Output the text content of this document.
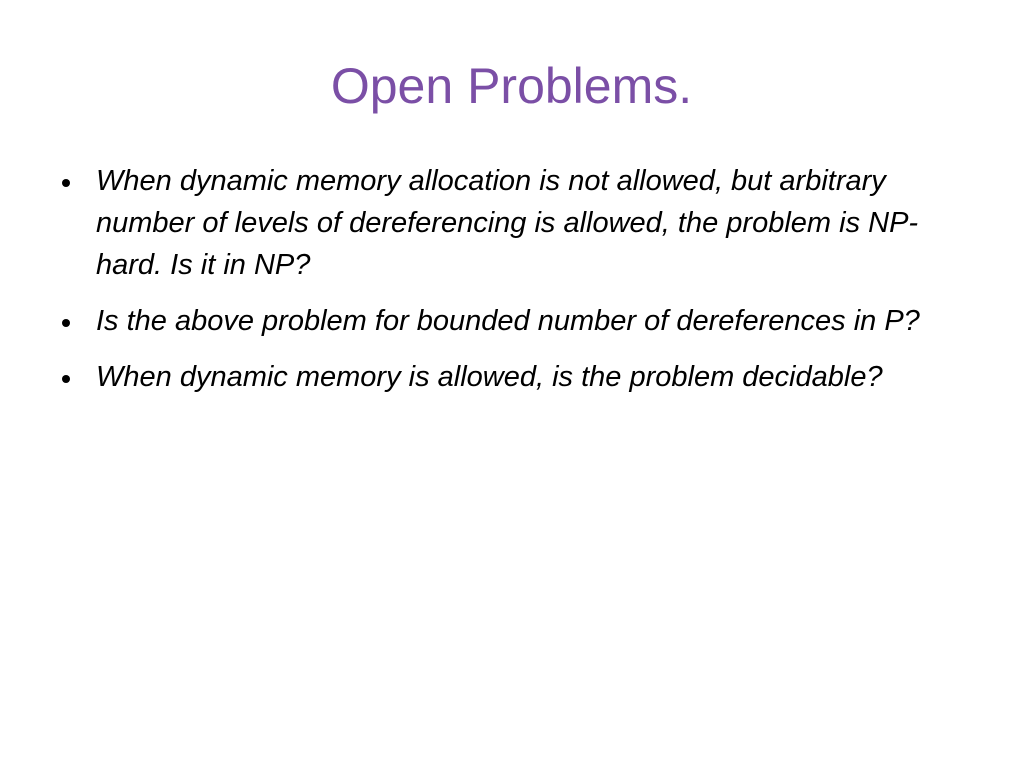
Open Problems.
When dynamic memory allocation is not allowed, but arbitrary number of levels of dereferencing is allowed, the problem is NP-hard. Is it in NP?
Is the above problem for bounded number of dereferences in P?
When dynamic memory is allowed, is the problem decidable?
